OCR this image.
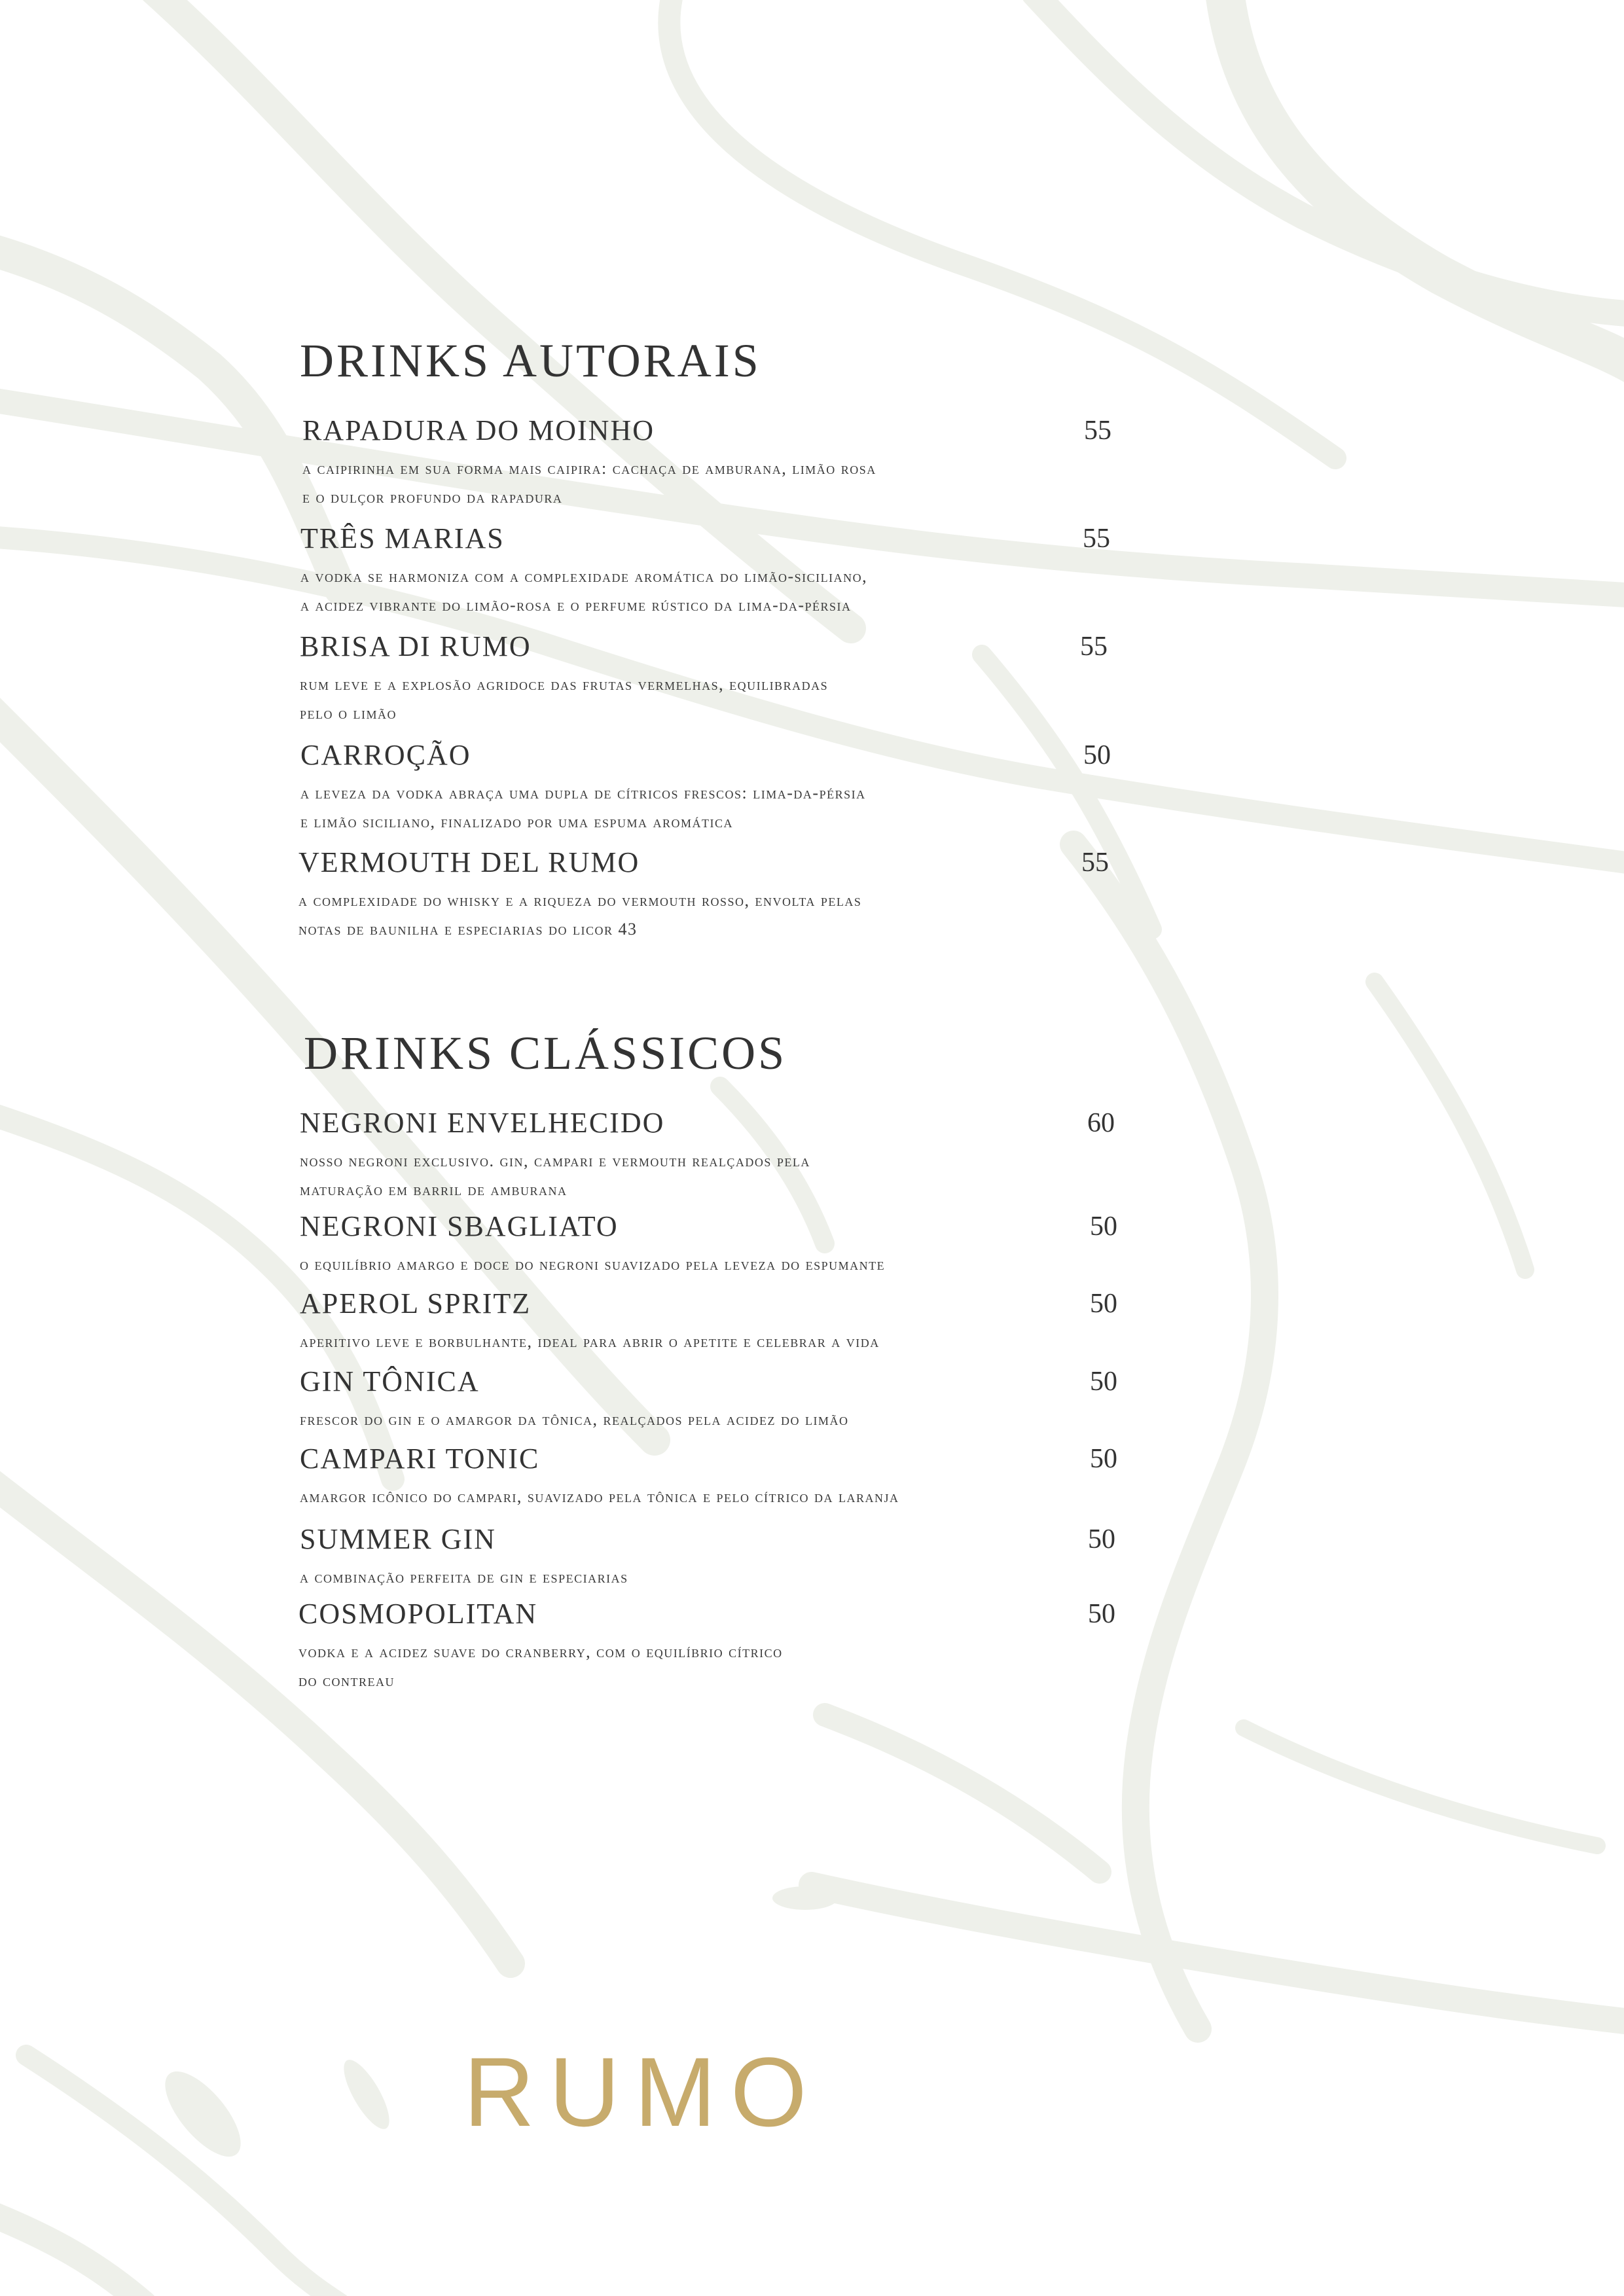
DRINKS AUTORAIS
RAPADURA DO MOINHO
a caipirinha em sua forma mais caipira: cachaça de amburana, limão rosa
e o dulçor profundo da rapadura
55
TRÊS MARIAS
a vodka se harmoniza com a complexidade aromática do limão-siciliano,
a acidez vibrante do limão-rosa e o perfume rústico da lima-da-pérsia
55
BRISA DI RUMO
rum leve e a explosão agridoce das frutas vermelhas, equilibradas
pelo o limão
55
CARROÇÃO
a leveza da vodka abraça uma dupla de cítricos frescos: lima-da-pérsia
e limão siciliano, finalizado por uma espuma aromática
50
VERMOUTH DEL RUMO
a complexidade do whisky e a riqueza do vermouth rosso, envolta pelas
notas de baunilha e especiarias do licor 43
55
DRINKS CLÁSSICOS
NEGRONI ENVELHECIDO
nosso negroni exclusivo. gin, campari e vermouth realçados pela
maturação em barril de amburana
60
NEGRONI SBAGLIATO
o equilíbrio amargo e doce do negroni suavizado pela leveza do espumante
50
APEROL SPRITZ
aperitivo leve e borbulhante, ideal para abrir o apetite e celebrar a vida
50
GIN TÔNICA
frescor do gin e o amargor da tônica, realçados pela acidez do limão
50
CAMPARI TONIC
amargor icônico do campari, suavizado pela tônica e pelo cítrico da laranja
50
SUMMER GIN
a combinação perfeita de gin e especiarias
50
COSMOPOLITAN
vodka e a acidez suave do cranberry, com o equilíbrio cítrico
do contreau
50
RUMO
